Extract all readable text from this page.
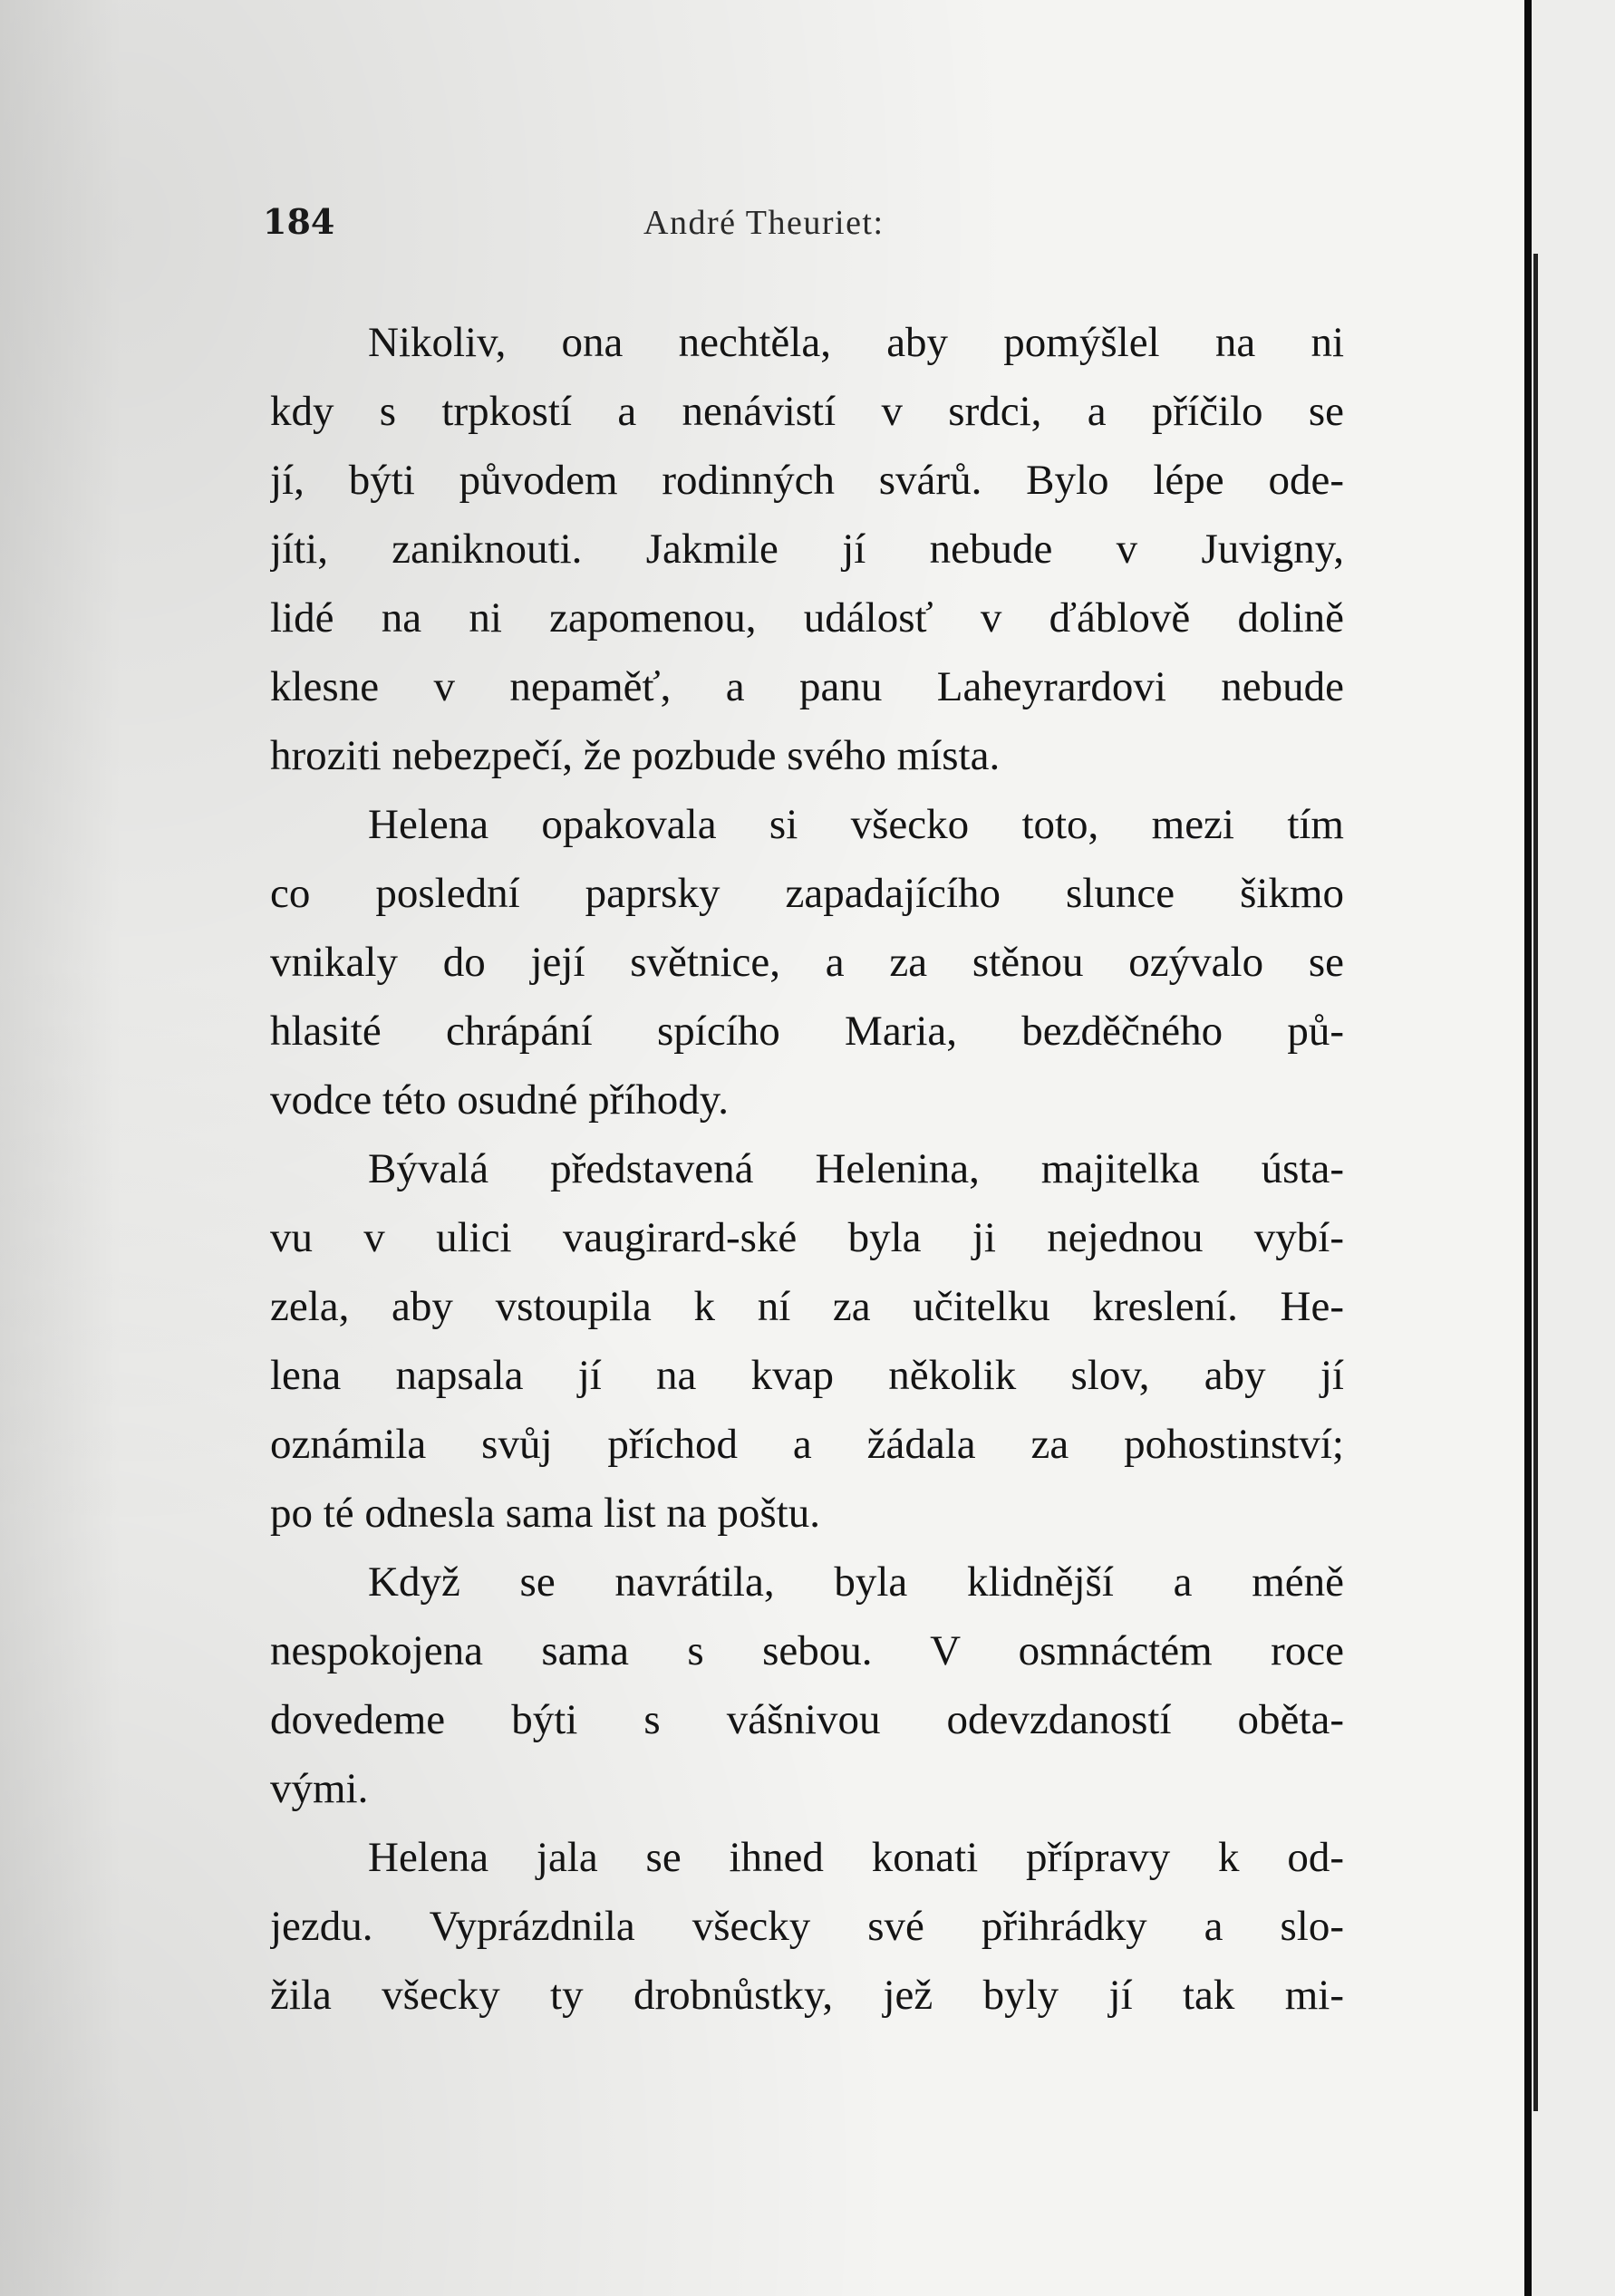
184	André Theuriet:
Nikoliv, ona nechtěla, aby pomýšlel na ni
kdy s trpkostí a nenávistí v srdci, a příčilo se
jí, býti původem rodinných svárů. Bylo lépe ode-
jíti, zaniknouti. Jakmile jí nebude v Juvigny,
lidé na ni zapomenou, událosť v ďáblově dolině
klesne v nepaměť, a panu Laheyrardovi nebude
hroziti nebezpečí, že pozbude svého místa.
Helena opakovala si všecko toto, mezi tím
co poslední paprsky zapadajícího slunce šikmo
vnikaly do její světnice, a za stěnou ozývalo se
hlasité chrápání spícího Maria, bezděčného pů-
vodce této osudné příhody.
Bývalá představená Helenina, majitelka ústa-
vu v ulici vaugirard-ské byla ji nejednou vybí-
zela, aby vstoupila k ní za učitelku kreslení. He-
lena napsala jí na kvap několik slov, aby jí
oznámila svůj příchod a žádala za pohostinství;
po té odnesla sama list na poštu.
Když se navrátila, byla klidnější a méně
nespokojena sama s sebou. V osmnáctém roce
dovedeme býti s vášnivou odevzdaností oběta-
vými.
Helena jala se ihned konati přípravy k od-
jezdu. Vyprázdnila všecky své přihrádky a slo-
žila všecky ty drobnůstky, jež byly jí tak mi-
